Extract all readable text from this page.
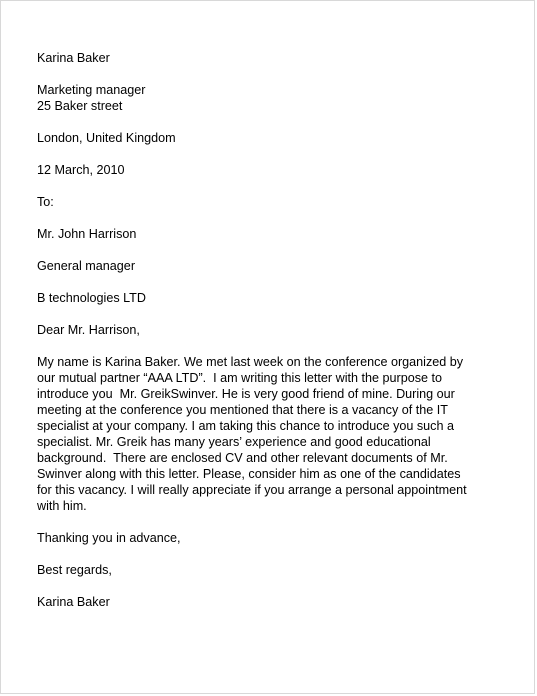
Karina Baker
Marketing manager
25 Baker street
London, United Kingdom
12 March, 2010
To:
Mr. John Harrison
General manager
B technologies LTD
Dear Mr. Harrison,
My name is Karina Baker. We met last week on the conference organized by
our mutual partner “AAA LTD”.  I am writing this letter with the purpose to
introduce you  Mr. GreikSwinver. He is very good friend of mine. During our
meeting at the conference you mentioned that there is a vacancy of the IT
specialist at your company. I am taking this chance to introduce you such a
specialist. Mr. Greik has many years’ experience and good educational
background.  There are enclosed CV and other relevant documents of Mr.
Swinver along with this letter. Please, consider him as one of the candidates
for this vacancy. I will really appreciate if you arrange a personal appointment
with him.
Thanking you in advance,
Best regards,
Karina Baker
